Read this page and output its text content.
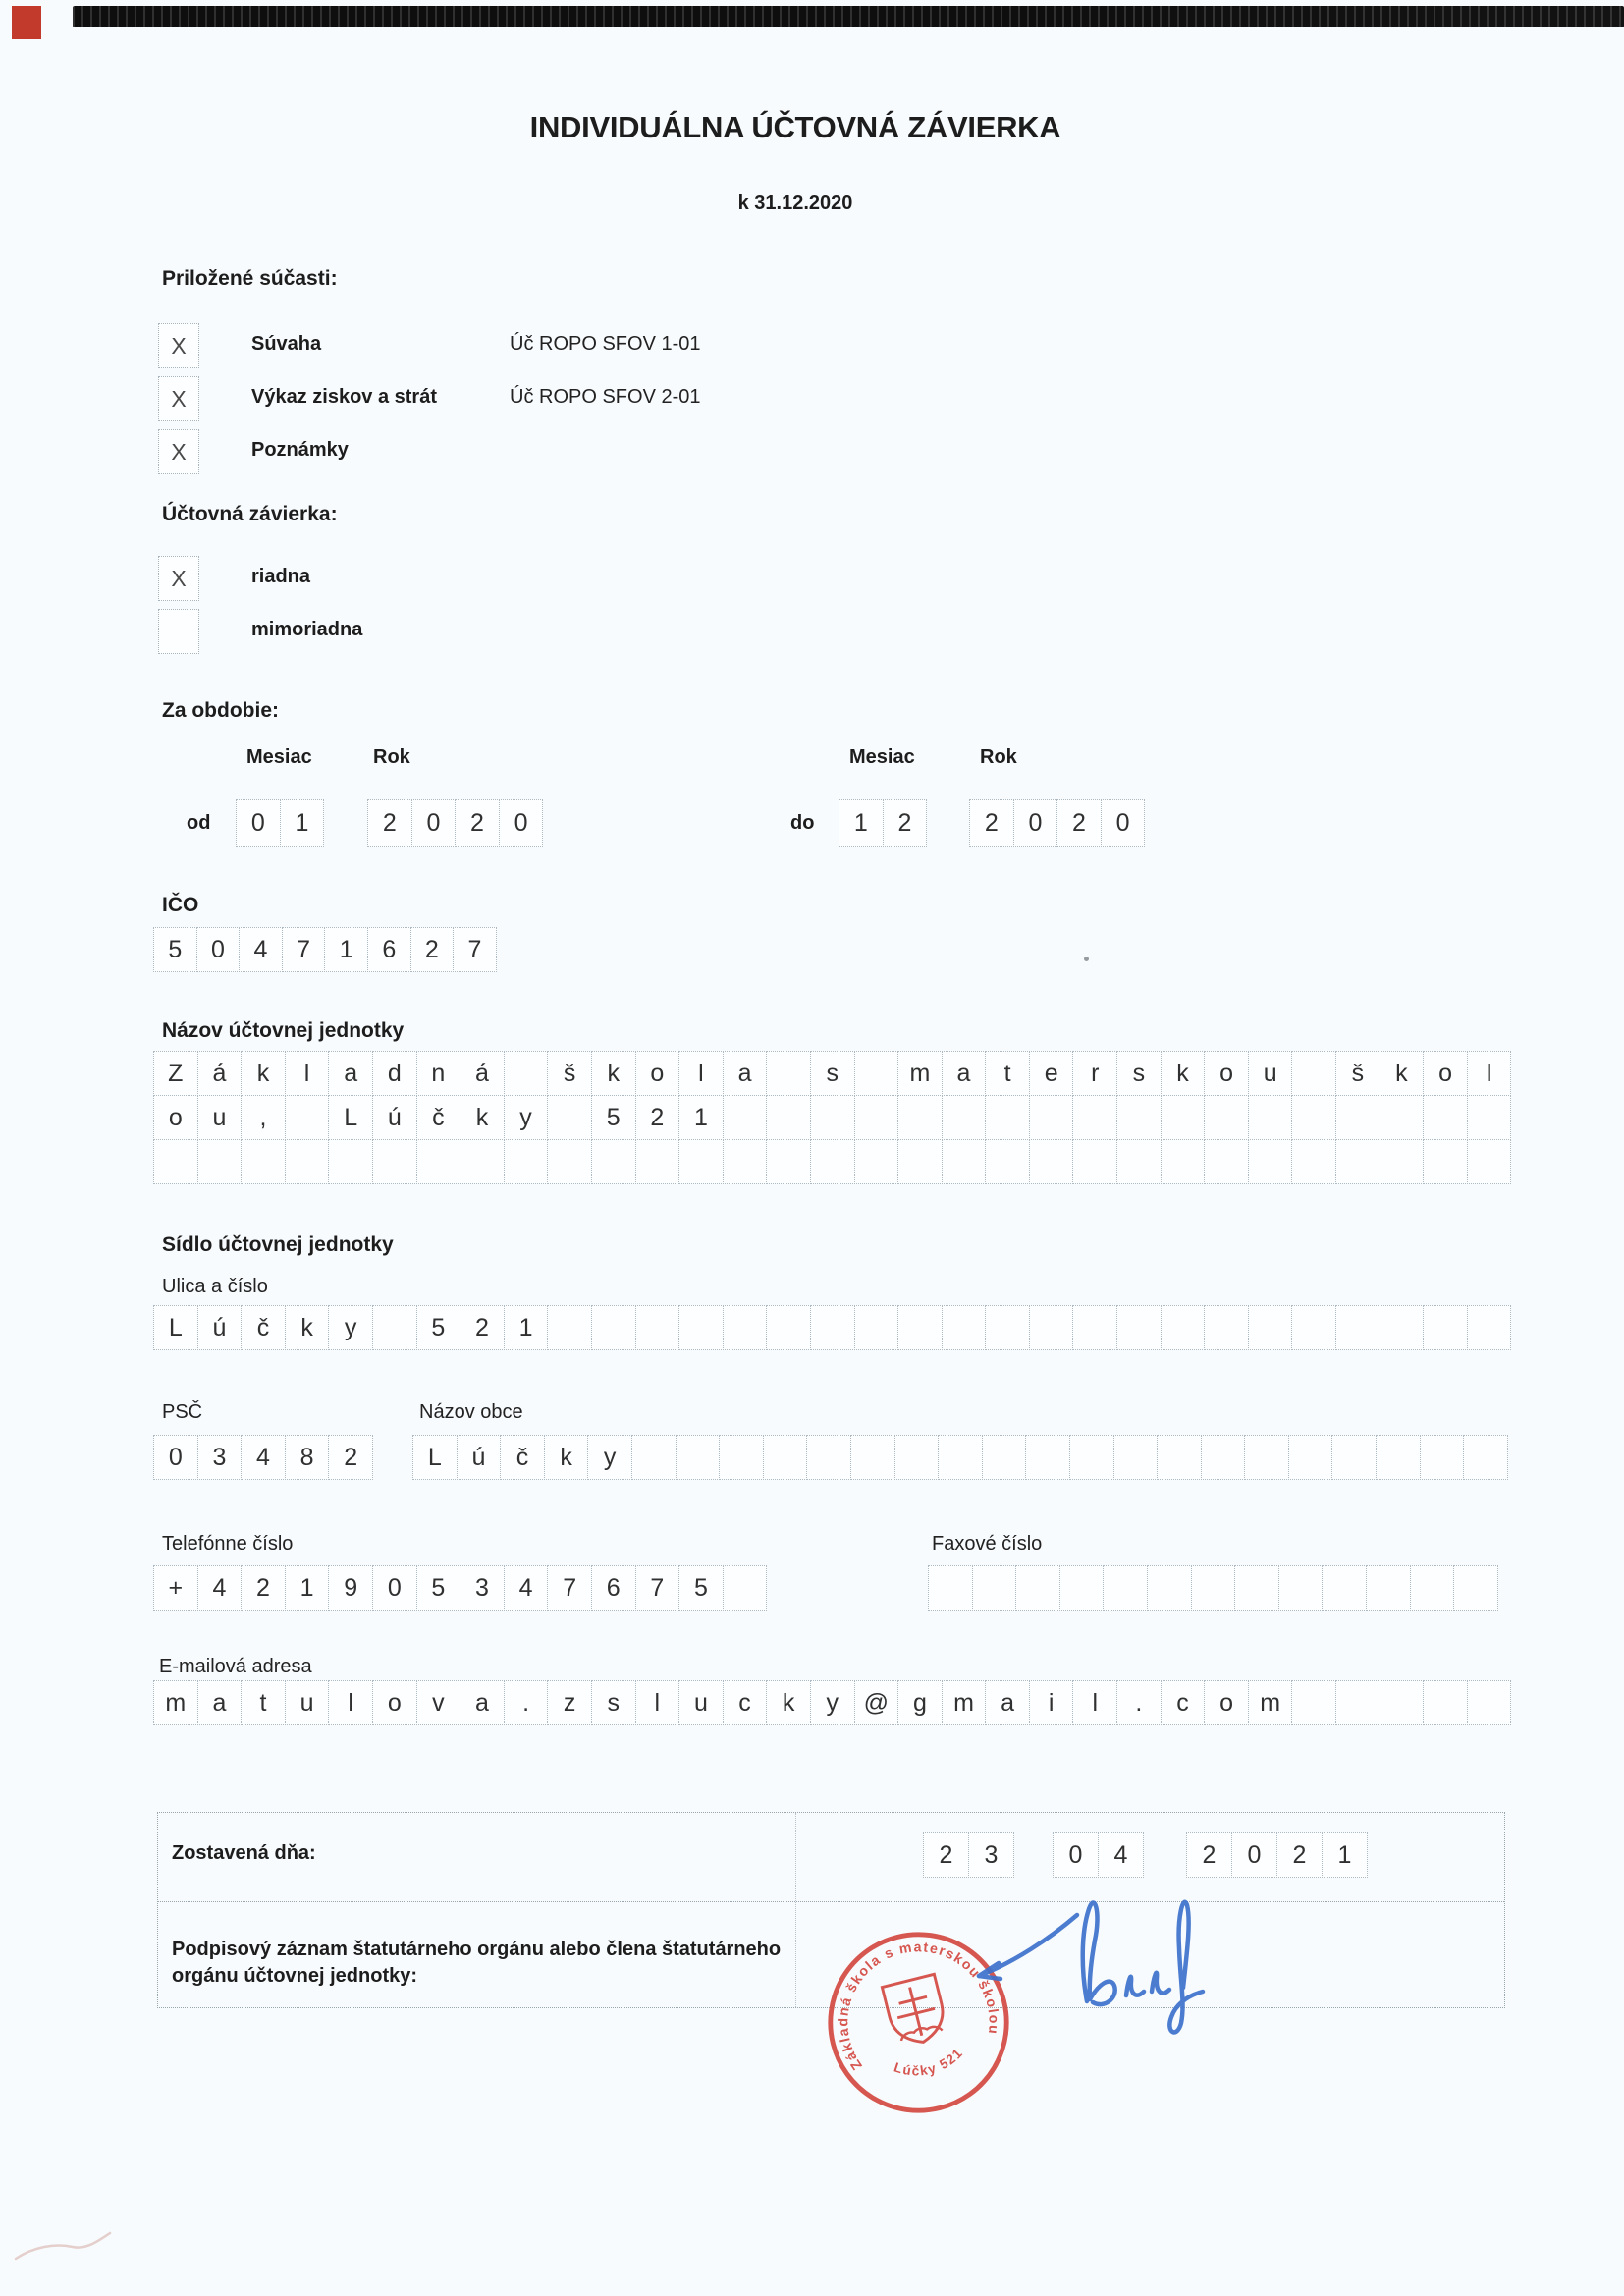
INDIVIDUÁLNA ÚČTOVNÁ ZÁVIERKA
k 31.12.2020
Priložené súčasti:
X	Súvaha	Úč ROPO SFOV 1-01
X	Výkaz ziskov a strát	Úč ROPO SFOV 2-01
X	Poznámky
Účtovná závierka:
X	riadna
mimoriadna
Za obdobie:
Mesiac	Rok	Mesiac	Rok
od	0	1	2	0	2	0	do	1	2	2	0	2	0
IČO
5	0	4	7	1	6	2	7
Názov účtovnej jednotky
Z	á	k	l	a	d	n	á	š	k	o	l	a	s	m	a	t	e	r	s	k	o	u	š	k	o	l
o	u	,	L	ú	č	k	y	5	2	1
Sídlo účtovnej jednotky
Ulica a číslo
L	ú	č	k	y	5	2	1
PSČ
0	3	4	8	2
Názov obce
L	ú	č	k	y
Telefónne číslo
+	4	2	1	9	0	5	3	4	7	6	7	5
Faxové číslo
E-mailová adresa
m	a	t	u	l	o	v	a	.	z	s	l	u	c	k	y	@ g	m	a	i	l	.	c	o	m
Zostavená dňa:	2	3	0	4	2	0	2	1
Podpisový záznam štatutárneho orgánu alebo člena štatutárneho orgánu účtovnej jednotky:
Základná škola s materskou školou
Lúčky 521
